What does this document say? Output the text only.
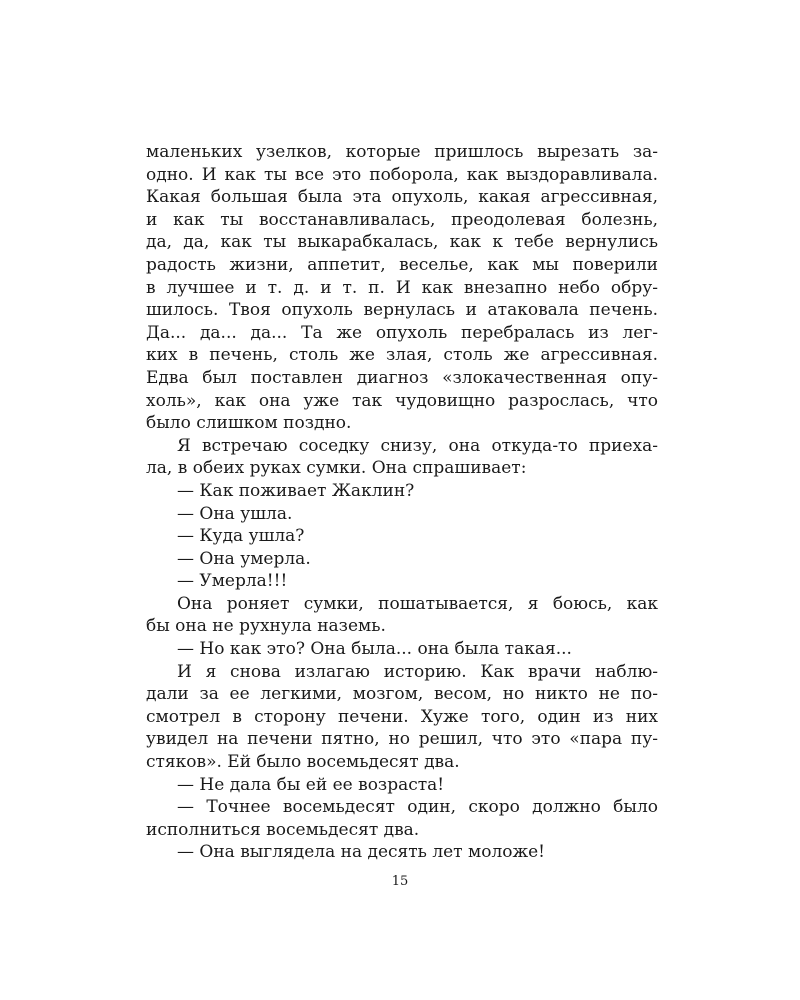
маленьких узелков, которые пришлось вырезать за-
одно. И как ты все это поборола, как выздоравливала.
Какая большая была эта опухоль, какая агрессивная,
и как ты восстанавливалась, преодолевая болезнь,
да, да, как ты выкарабкалась, как к тебе вернулись
радость жизни, аппетит, веселье, как мы поверили
в лучшее и т. д. и т. п. И как внезапно небо обру-
шилось. Твоя опухоль вернулась и атаковала печень.
Да... да... да... Та же опухоль перебралась из лег-
ких в печень, столь же злая, столь же агрессивная.
Едва был поставлен диагноз «злокачественная опу-
холь», как она уже так чудовищно разрослась, что
было слишком поздно.
Я встречаю соседку снизу, она откуда-то приеха-
ла, в обеих руках сумки. Она спрашивает:
— Как поживает Жаклин?
— Она ушла.
— Куда ушла?
— Она умерла.
— Умерла!!!
Она роняет сумки, пошатывается, я боюсь, как
бы она не рухнула наземь.
— Но как это? Она была... она была такая...
И я снова излагаю историю. Как врачи наблю-
дали за ее легкими, мозгом, весом, но никто не по-
смотрел в сторону печени. Хуже того, один из них
увидел на печени пятно, но решил, что это «пара пу-
стяков». Ей было восемьдесят два.
— Не дала бы ей ее возраста!
— Точнее восемьдесят один, скоро должно было
исполниться восемьдесят два.
— Она выглядела на десять лет моложе!
15
